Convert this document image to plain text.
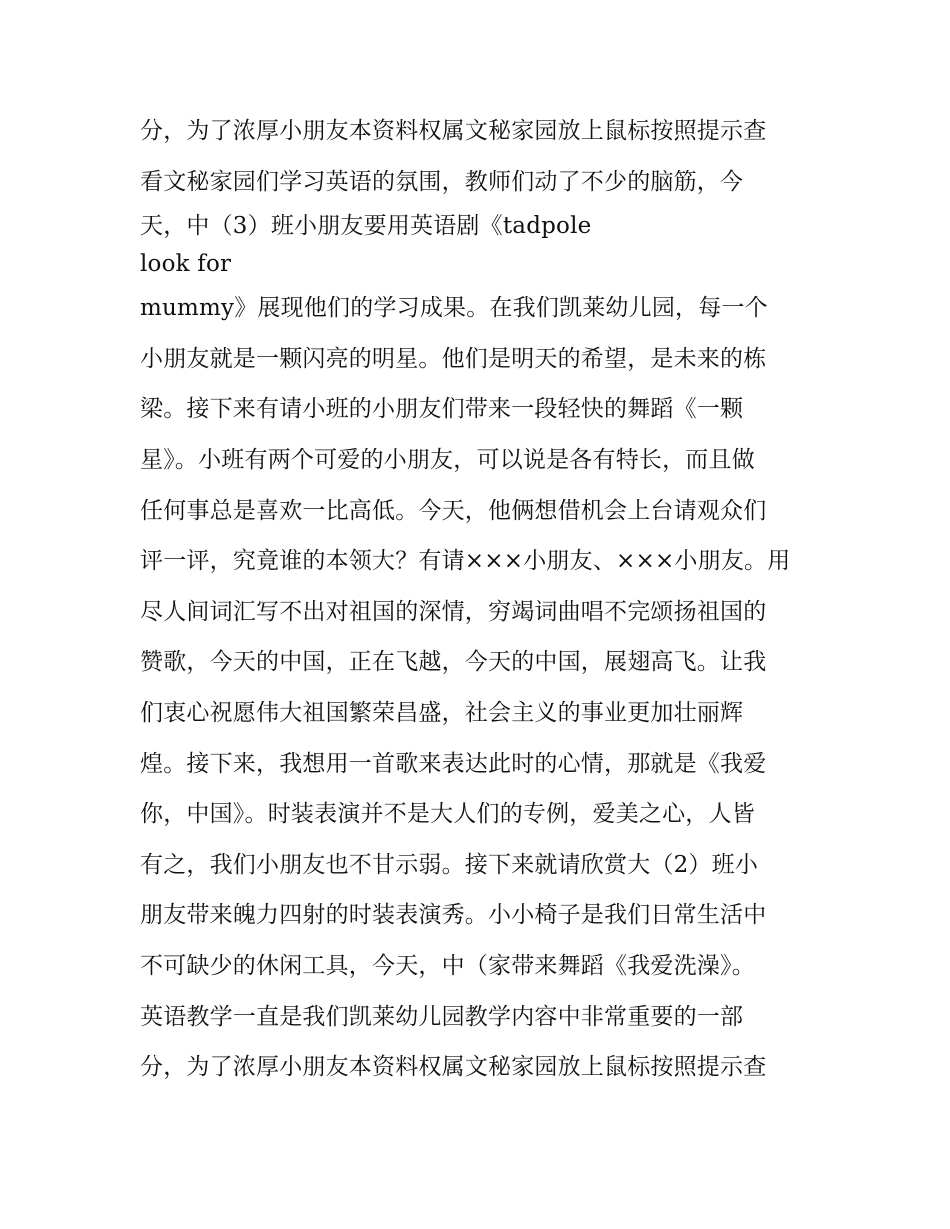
分，为了浓厚小朋友本资料权属文秘家园放上鼠标按照提示查
看文秘家园们学习英语的氛围，教师们动了不少的脑筋，今
天，中（3）班小朋友要用英语剧《tadpole
look for
mummy》展现他们的学习成果。在我们凯莱幼儿园，每一个
小朋友就是一颗闪亮的明星。他们是明天的希望，是未来的栋
梁。接下来有请小班的小朋友们带来一段轻快的舞蹈《一颗
星》。小班有两个可爱的小朋友，可以说是各有特长，而且做
任何事总是喜欢一比高低。今天，他俩想借机会上台请观众们
评一评，究竟谁的本领大？有请×××小朋友、×××小朋友。用
尽人间词汇写不出对祖国的深情，穷竭词曲唱不完颂扬祖国的
赞歌，今天的中国，正在飞越，今天的中国，展翅高飞。让我
们衷心祝愿伟大祖国繁荣昌盛，社会主义的事业更加壮丽辉
煌。接下来，我想用一首歌来表达此时的心情，那就是《我爱
你，中国》。时装表演并不是大人们的专例，爱美之心，人皆
有之，我们小朋友也不甘示弱。接下来就请欣赏大（2）班小
朋友带来魄力四射的时装表演秀。小小椅子是我们日常生活中
不可缺少的休闲工具，今天，中（家带来舞蹈《我爱洗澡》。
英语教学一直是我们凯莱幼儿园教学内容中非常重要的一部
分，为了浓厚小朋友本资料权属文秘家园放上鼠标按照提示查
